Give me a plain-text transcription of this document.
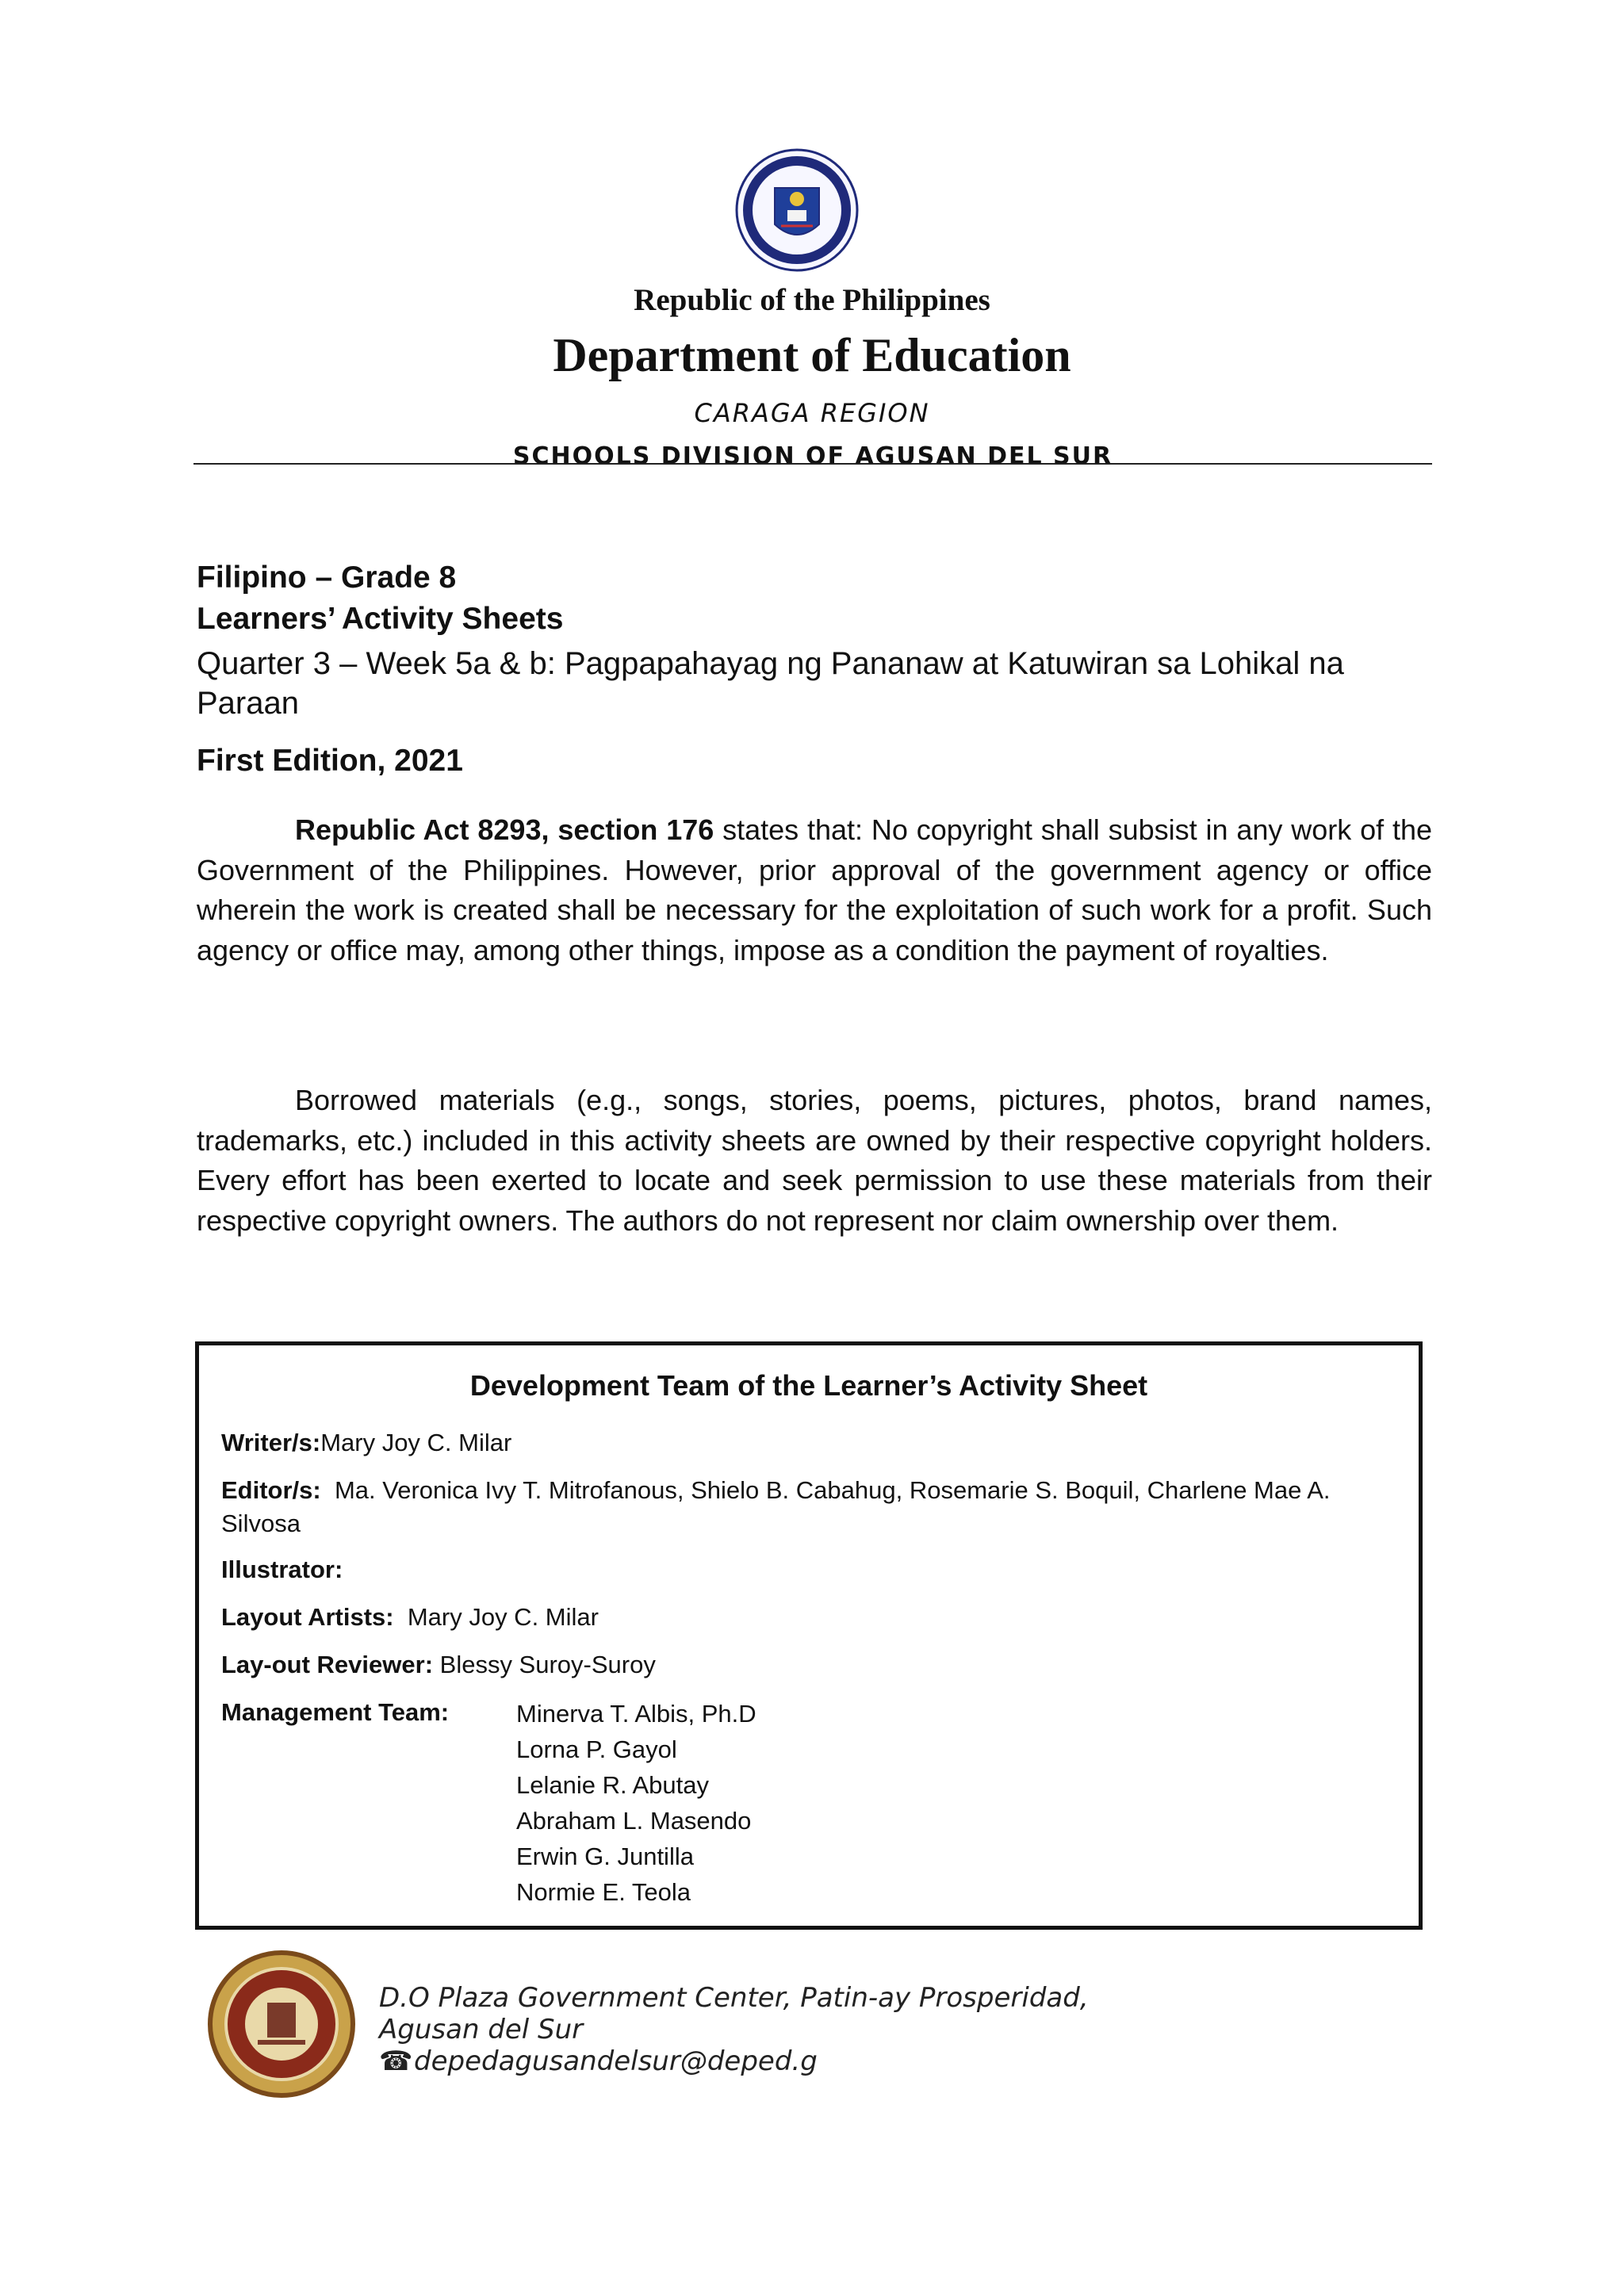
Republic of the Philippines
Department of Education
CARAGA REGION
SCHOOLS DIVISION OF AGUSAN DEL SUR
Filipino – Grade 8
Learners’ Activity Sheets
Quarter 3 – Week 5a & b: Pagpapahayag ng Pananaw at Katuwiran sa Lohikal na Paraan
First Edition, 2021
Republic Act 8293, section 176 states that: No copyright shall subsist in any work of the Government of the Philippines. However, prior approval of the government agency or office wherein the work is created shall be necessary for the exploitation of such work for a profit. Such agency or office may, among other things, impose as a condition the payment of royalties.
Borrowed materials (e.g., songs, stories, poems, pictures, photos, brand names, trademarks, etc.) included in this activity sheets are owned by their respective copyright holders. Every effort has been exerted to locate and seek permission to use these materials from their respective copyright owners. The authors do not represent nor claim ownership over them.
Development Team of the Learner’s Activity Sheet
Writer/s:Mary Joy C. Milar
Editor/s: Ma. Veronica Ivy T. Mitrofanous, Shielo B. Cabahug, Rosemarie S. Boquil, Charlene Mae A. Silvosa
Illustrator:
Layout Artists: Mary Joy C. Milar
Lay-out Reviewer: Blessy Suroy-Suroy
Management Team:	Minerva T. Albis, Ph.D
Lorna P. Gayol
Lelanie R. Abutay
Abraham L. Masendo
Erwin G. Juntilla
Normie E. Teola
D.O Plaza Government Center, Patin-ay Prosperidad, Agusan del Sur
☎depedagusandelsur@deped.g
